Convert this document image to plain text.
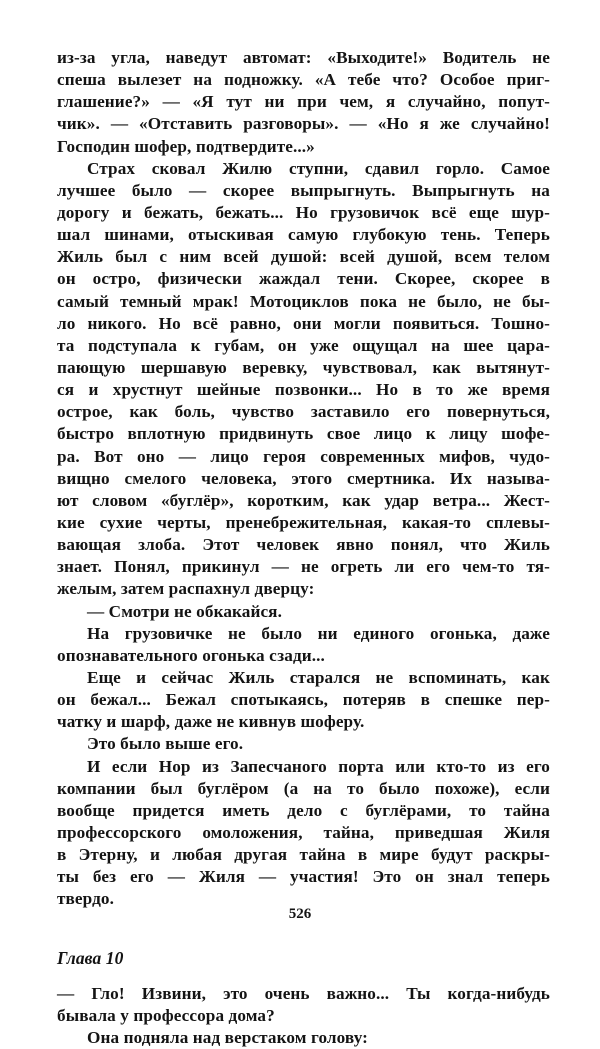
из-за угла, наведут автомат: «Выходите!» Водитель не
спеша вылезет на подножку. «А тебе что? Особое приг-
глашение?» — «Я тут ни при чем, я случайно, попут-
чик». — «Отставить разговоры». — «Но я же случайно!
Господин шофер, подтвердите...»
Страх сковал Жилю ступни, сдавил горло. Самое
лучшее было — скорее выпрыгнуть. Выпрыгнуть на
дорогу и бежать, бежать... Но грузовичок всё еще шур-
шал шинами, отыскивая самую глубокую тень. Теперь
Жиль был с ним всей душой: всей душой, всем телом
он остро, физически жаждал тени. Скорее, скорее в
самый темный мрак! Мотоциклов пока не было, не бы-
ло никого. Но всё равно, они могли появиться. Тошно-
та подступала к губам, он уже ощущал на шее цара-
пающую шершавую веревку, чувствовал, как вытянут-
ся и хрустнут шейные позвонки... Но в то же время
острое, как боль, чувство заставило его повернуться,
быстро вплотную придвинуть свое лицо к лицу шофе-
ра. Вот оно — лицо героя современных мифов, чудо-
вищно смелого человека, этого смертника. Их называ-
ют словом «буглёр», коротким, как удар ветра... Жест-
кие сухие черты, пренебрежительная, какая-то сплевы-
вающая злоба. Этот человек явно понял, что Жиль
знает. Понял, прикинул — не огреть ли его чем-то тя-
желым, затем распахнул дверцу:
— Смотри не обкакайся.
На грузовичке не было ни единого огонька, даже
опознавательного огонька сзади...
Еще и сейчас Жиль старался не вспоминать, как
он бежал... Бежал спотыкаясь, потеряв в спешке пер-
чатку и шарф, даже не кивнув шоферу.
Это было выше его.
И если Нор из Запесчаного порта или кто-то из его
компании был буглёром (а на то было похоже), если
вообще придется иметь дело с буглёрами, то тайна
профессорского омоложения, тайна, приведшая Жиля
в Этерну, и любая другая тайна в мире будут раскры-
ты без его — Жиля — участия! Это он знал теперь
твердо.
Глава 10
— Гло! Извини, это очень важно... Ты когда-нибудь
бывала у профессора дома?
Она подняла над верстаком голову:
526
